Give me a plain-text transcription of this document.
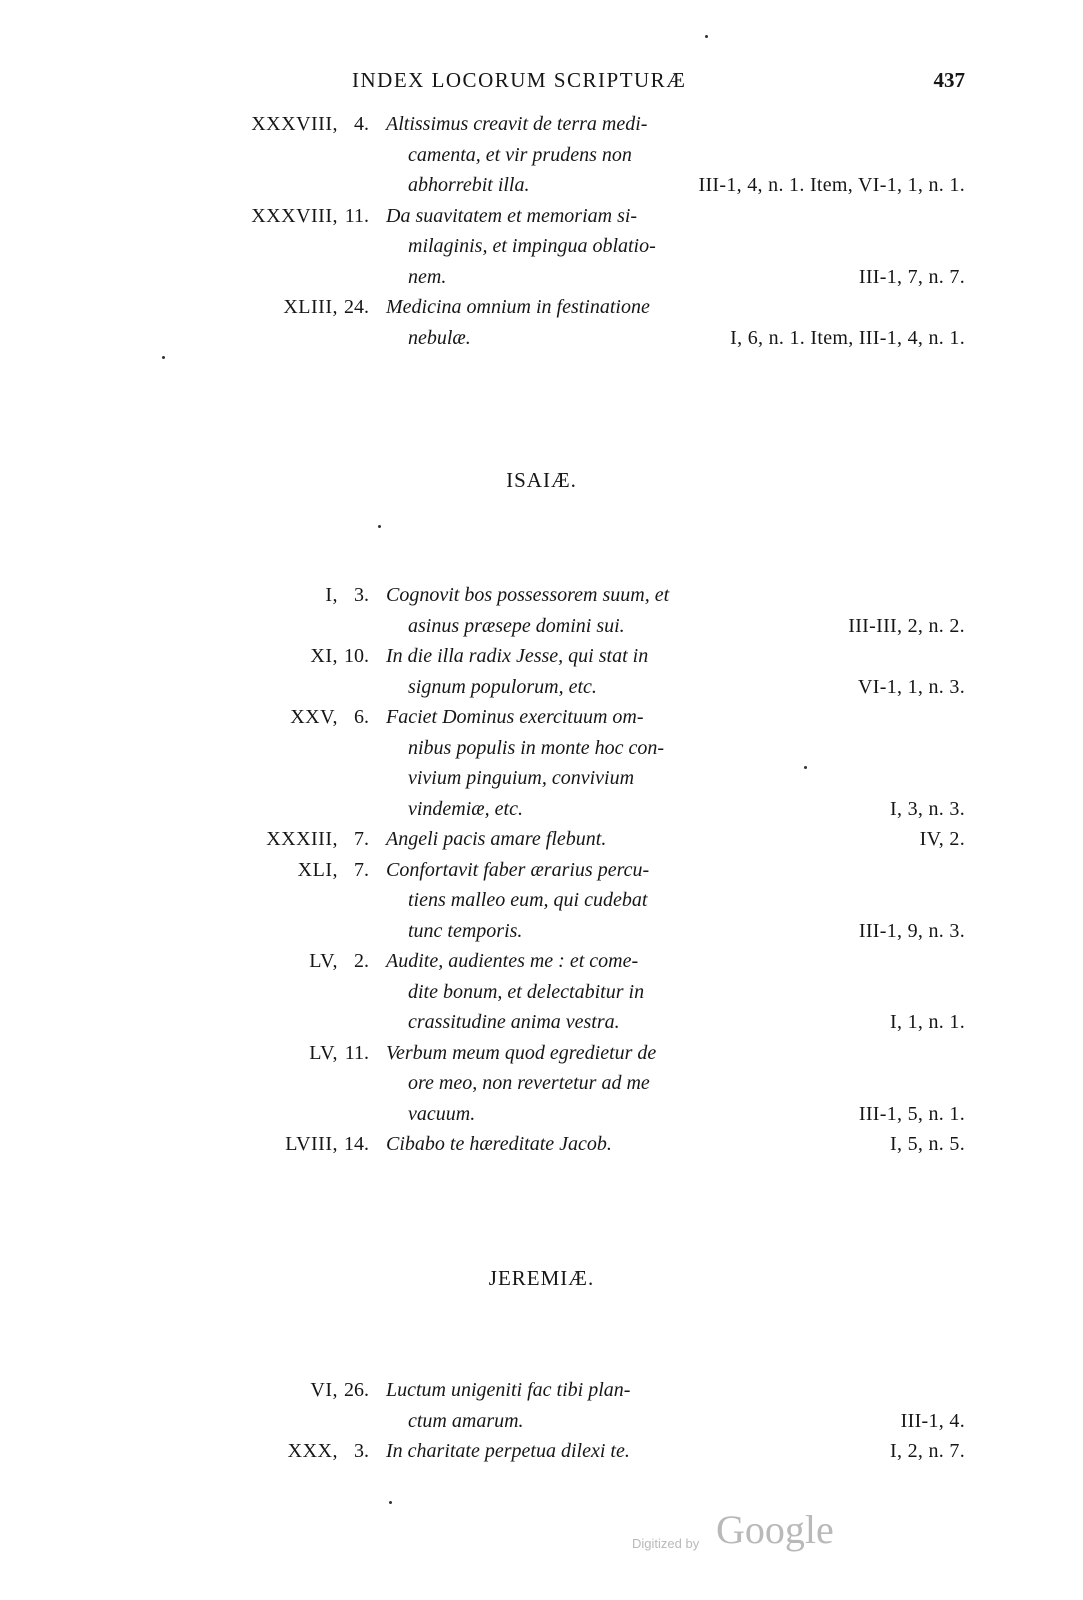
INDEX LOCORUM SCRIPTURÆ	437
XXXVIII, 4. Altissimus creavit de terra medi-
camenta, et vir prudens non
abhorrebit illa.	III-1, 4, n. 1. Item, VI-1, 1, n. 1.
XXXVIII, 11. Da suavitatem et memoriam si-
milaginis, et impingua oblatio-
nem.	III-1, 7, n. 7.
XLIII, 24. Medicina omnium in festinatione
nebulæ.	I, 6, n. 1. Item, III-1, 4, n. 1.
ISAIÆ.
I, 3. Cognovit bos possessorem suum, et
asinus præsepe domini sui.	III-III, 2, n. 2.
XI, 10. In die illa radix Jesse, qui stat in
signum populorum, etc.	VI-1, 1, n. 3.
XXV, 6. Faciet Dominus exercituum om-
nibus populis in monte hoc con-
vivium pinguium, convivium
vindemiæ, etc.	I, 3, n. 3.
XXXIII, 7. Angeli pacis amare flebunt.	IV, 2.
XLI, 7. Confortavit faber ærarius percu-
tiens malleo eum, qui cudebat
tunc temporis.	III-1, 9, n. 3.
LV, 2. Audite, audientes me : et come-
dite bonum, et delectabitur in
crassitudine anima vestra.	I, 1, n. 1.
LV, 11. Verbum meum quod egredietur de
ore meo, non revertetur ad me
vacuum.	III-1, 5, n. 1.
LVIII, 14. Cibabo te hæreditate Jacob.	I, 5, n. 5.
JEREMIÆ.
VI, 26. Luctum unigeniti fac tibi plan-
ctum amarum.	III-1, 4.
XXX, 3. In charitate perpetua dilexi te.	I, 2, n. 7.
Digitized by Google
